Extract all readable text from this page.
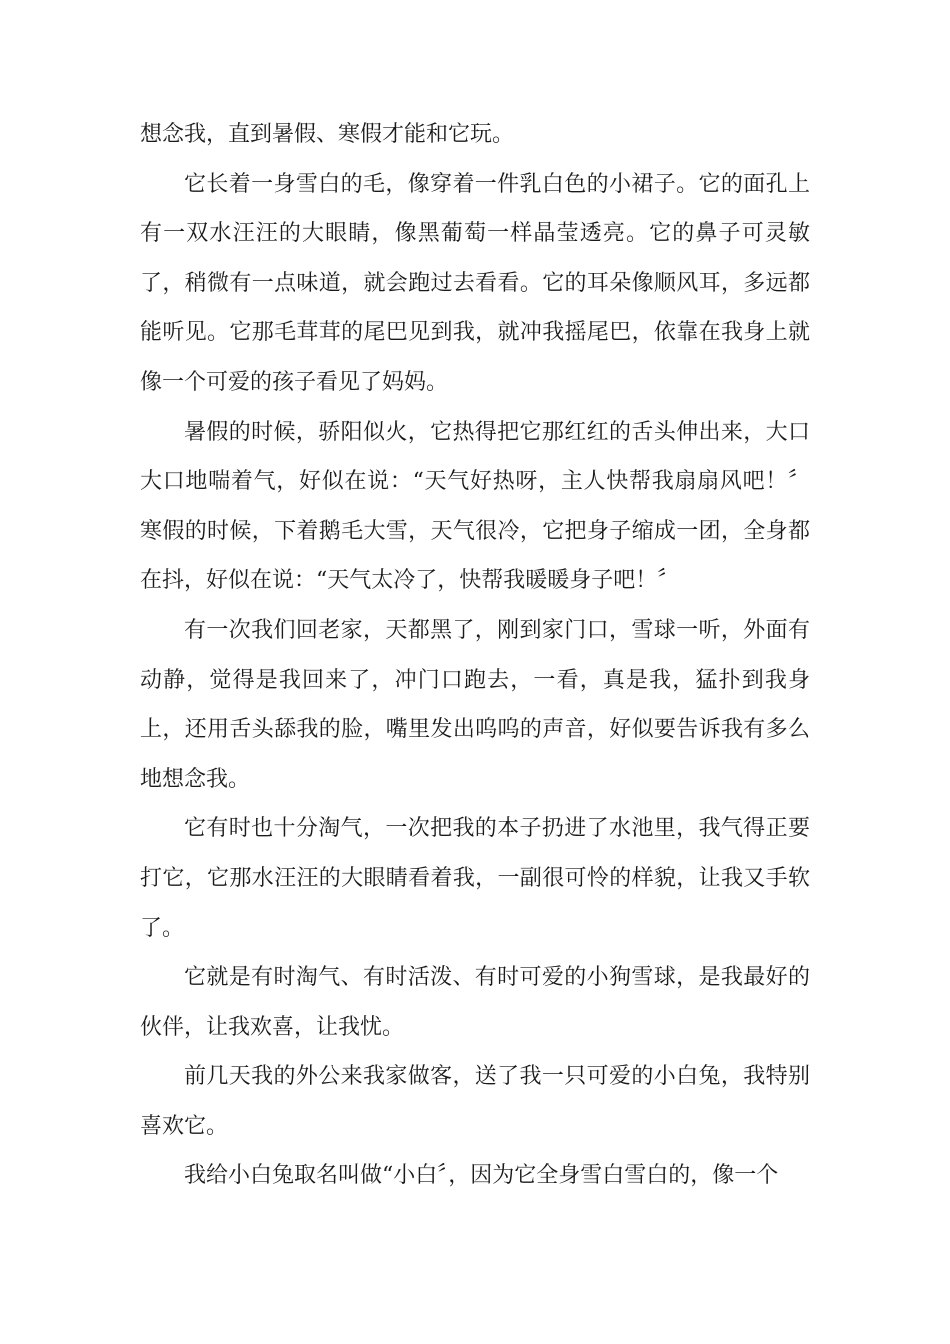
想念我，直到暑假、寒假才能和它玩。

它长着一身雪白的毛，像穿着一件乳白色的小裙子。它的面孔上有一双水汪汪的大眼睛，像黑葡萄一样晶莹透亮。它的鼻子可灵敏了，稍微有一点味道，就会跑过去看看。它的耳朵像顺风耳，多远都能听见。它那毛茸茸的尾巴见到我，就冲我摇尾巴，依靠在我身上就像一个可爱的孩子看见了妈妈。

暑假的时候，骄阳似火，它热得把它那红红的舌头伸出来，大口大口地喘着气，好似在说：“天气好热呀，主人快帮我扇扇风吧！〞寒假的时候，下着鹅毛大雪，天气很冷，它把身子缩成一团，全身都在抖，好似在说：“天气太冷了，快帮我暖暖身子吧！〞

有一次我们回老家，天都黑了，刚到家门口，雪球一听，外面有动静，觉得是我回来了，冲门口跑去，一看，真是我，猛扑到我身上，还用舌头舔我的脸，嘴里发出呜呜的声音，好似要告诉我有多么地想念我。

它有时也十分淘气，一次把我的本子扔进了水池里，我气得正要打它，它那水汪汪的大眼睛看着我，一副很可怜的样貌，让我又手软了。

它就是有时淘气、有时活泼、有时可爱的小狗雪球，是我最好的伙伴，让我欢喜，让我忧。

前几天我的外公来我家做客，送了我一只可爱的小白兔，我特别喜欢它。

我给小白兔取名叫做“小白〞，因为它全身雪白雪白的，像一个
